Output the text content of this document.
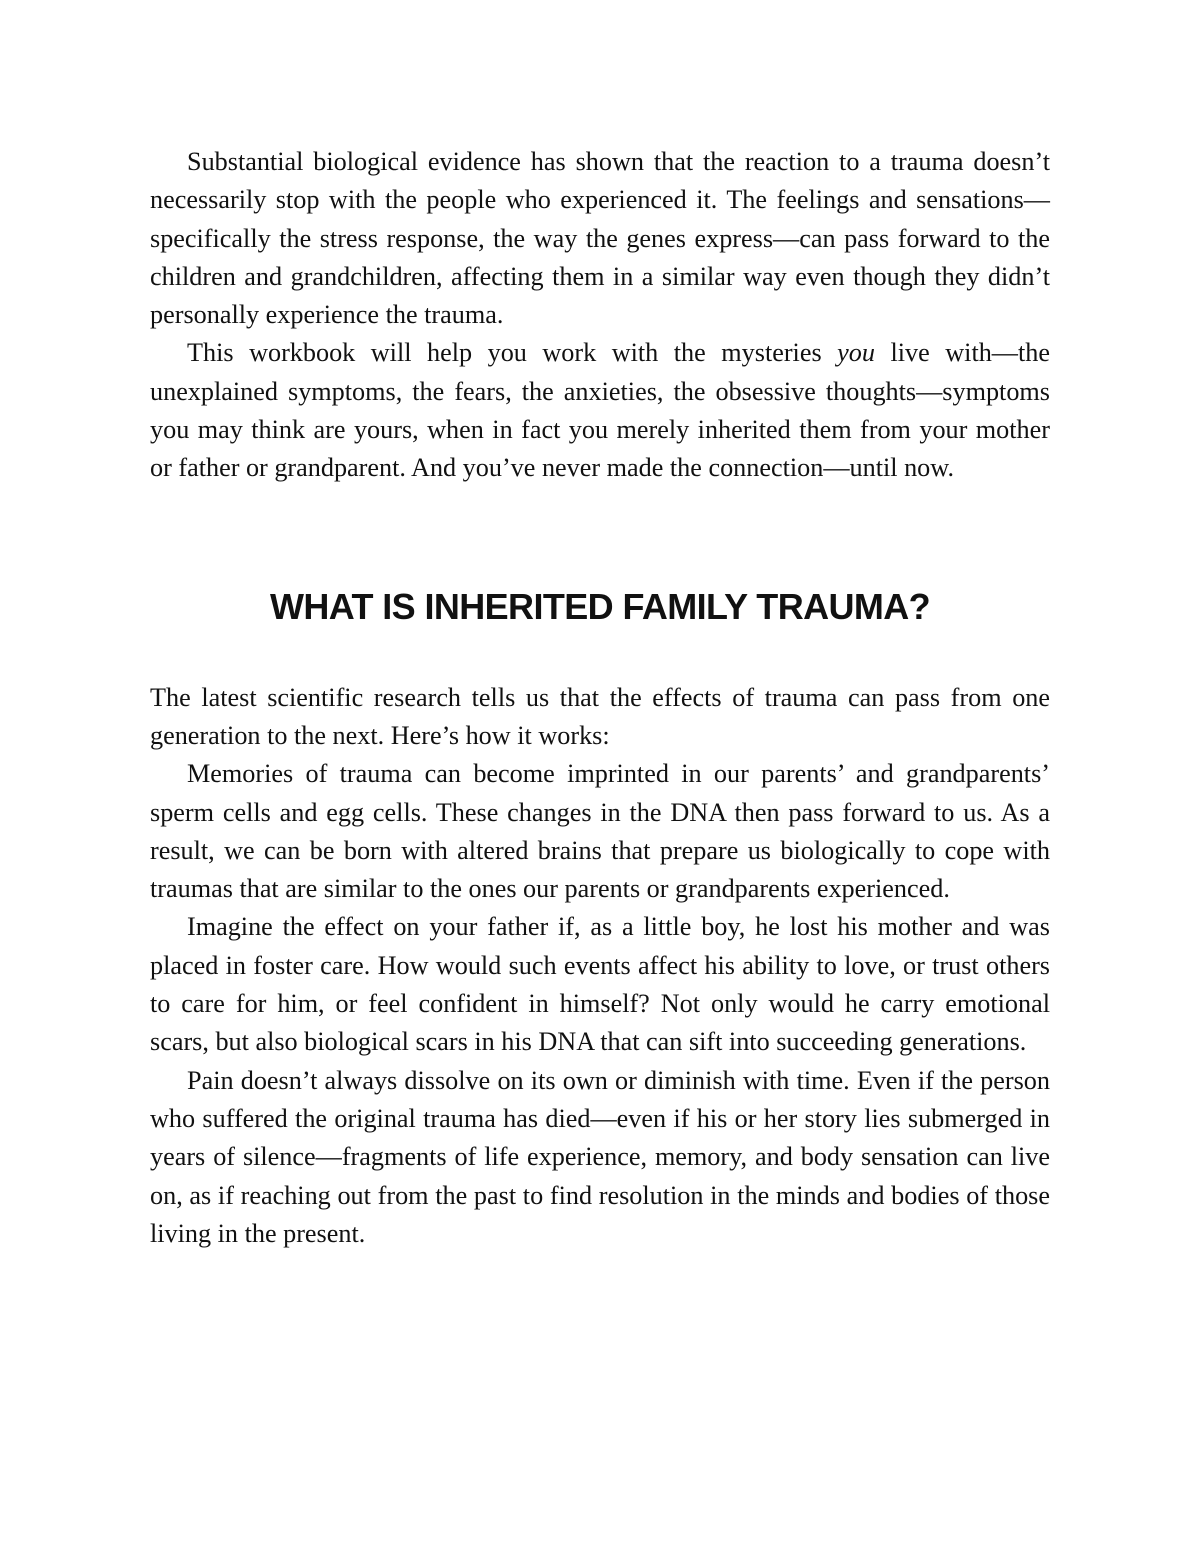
Substantial biological evidence has shown that the reaction to a trauma doesn’t necessarily stop with the people who experienced it. The feelings and sensations—specifically the stress response, the way the genes express—can pass forward to the children and grandchildren, affecting them in a similar way even though they didn’t personally experience the trauma.

This workbook will help you work with the mysteries you live with—the unexplained symptoms, the fears, the anxieties, the obsessive thoughts—symptoms you may think are yours, when in fact you merely inherited them from your mother or father or grandparent. And you’ve never made the connection—until now.

WHAT IS INHERITED FAMILY TRAUMA?

The latest scientific research tells us that the effects of trauma can pass from one generation to the next. Here’s how it works:

Memories of trauma can become imprinted in our parents’ and grandparents’ sperm cells and egg cells. These changes in the DNA then pass forward to us. As a result, we can be born with altered brains that prepare us biologically to cope with traumas that are similar to the ones our parents or grandparents experienced.

Imagine the effect on your father if, as a little boy, he lost his mother and was placed in foster care. How would such events affect his ability to love, or trust others to care for him, or feel confident in himself? Not only would he carry emotional scars, but also biological scars in his DNA that can sift into succeeding generations.

Pain doesn’t always dissolve on its own or diminish with time. Even if the person who suffered the original trauma has died—even if his or her story lies submerged in years of silence—fragments of life experience, memory, and body sensation can live on, as if reaching out from the past to find resolution in the minds and bodies of those living in the present.
